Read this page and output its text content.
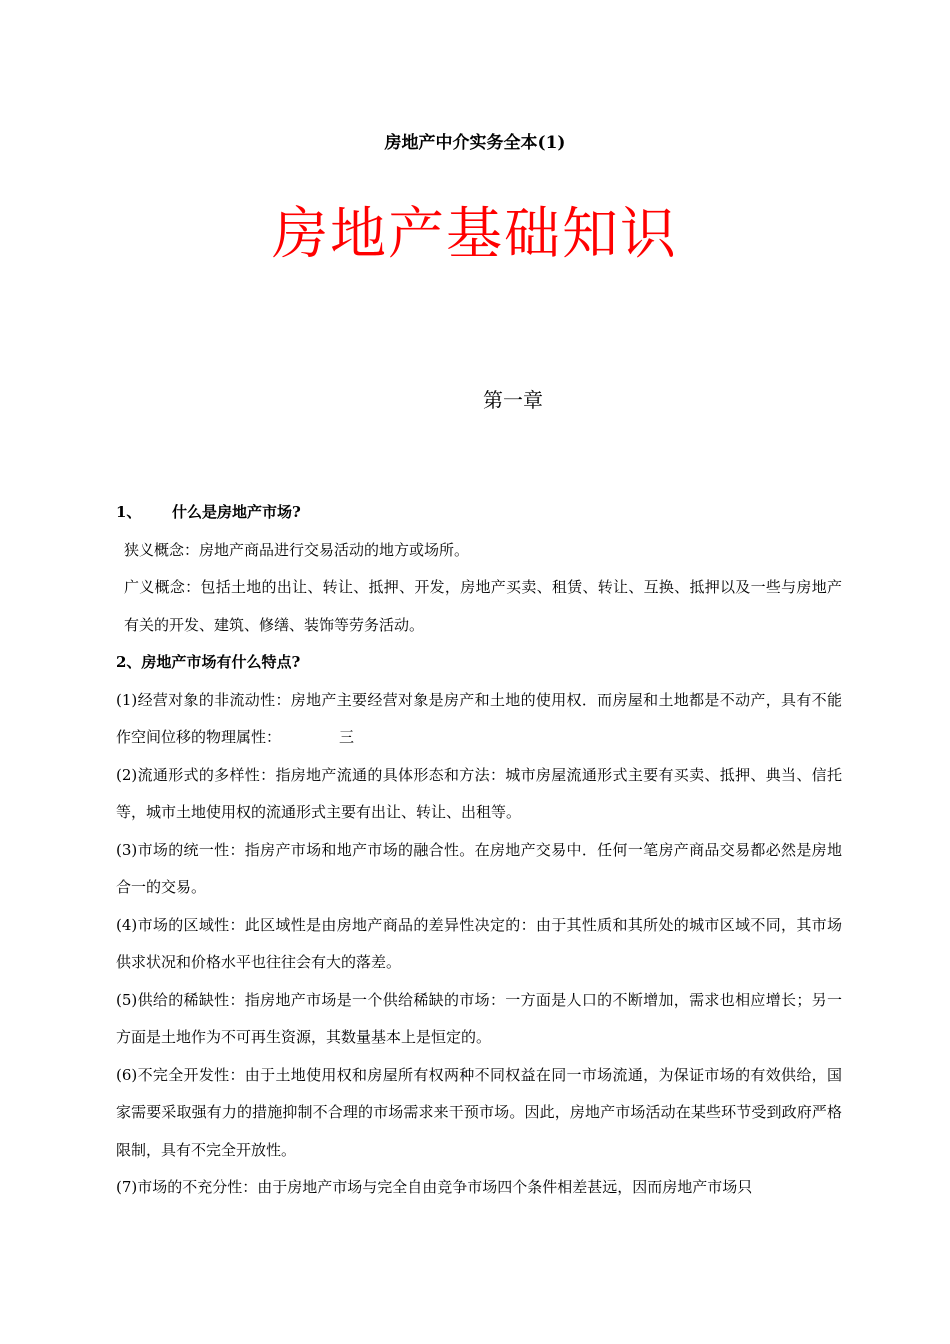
房地产中介实务全本(1)
房地产基础知识
第一章

1、 什么是房地产市场?

狭义概念：房地产商品进行交易活动的地方或场所。

广义概念：包括土地的出让、转让、抵押、开发，房地产买卖、租赁、转让、互换、抵押以及一些与房地产有关的开发、建筑、修缮、装饰等劳务活动。

2、房地产市场有什么特点?

(1)经营对象的非流动性：房地产主要经营对象是房产和土地的使用权．而房屋和土地都是不动产，具有不能作空间位移的物理属性：	三

(2)流通形式的多样性：指房地产流通的具体形态和方法：城市房屋流通形式主要有买卖、抵押、典当、信托等，城市土地使用权的流通形式主要有出让、转让、出租等。

(3)市场的统一性：指房产市场和地产市场的融合性。在房地产交易中．任何一笔房产商品交易都必然是房地合一的交易。

(4)市场的区域性：此区域性是由房地产商品的差异性决定的：由于其性质和其所处的城市区域不同，其市场供求状况和价格水平也往往会有大的落差。

(5)供给的稀缺性：指房地产市场是一个供给稀缺的市场：一方面是人口的不断增加，需求也相应增长；另一方面是土地作为不可再生资源，其数量基本上是恒定的。

(6)不完全开发性：由于土地使用权和房屋所有权两种不同权益在同一市场流通，为保证市场的有效供给，国家需要采取强有力的措施抑制不合理的市场需求来干预市场。因此，房地产市场活动在某些环节受到政府严格限制，具有不完全开放性。

(7)市场的不充分性：由于房地产市场与完全自由竞争市场四个条件相差甚远，因而房地产市场只
